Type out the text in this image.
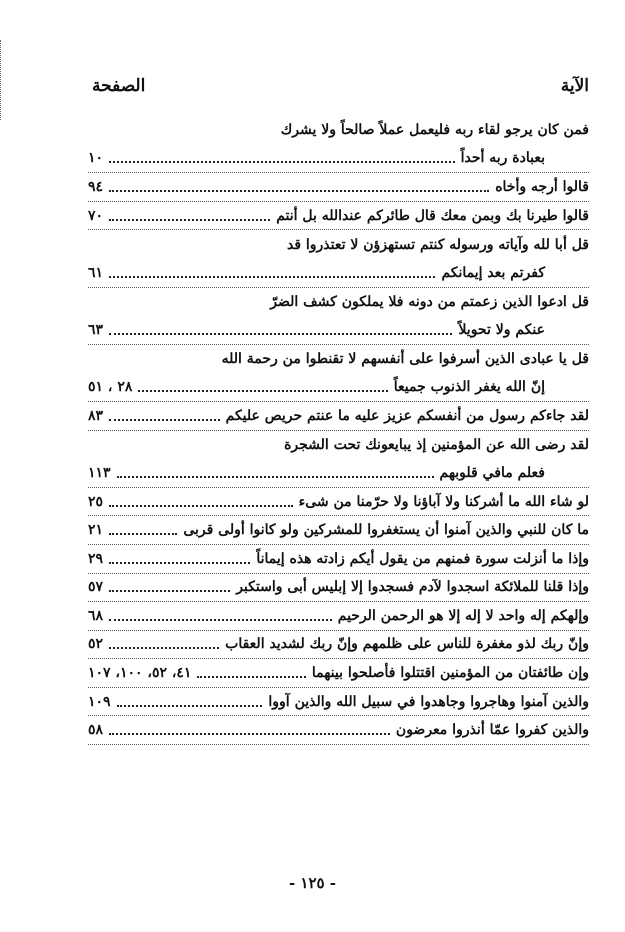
الآية
الصفحة
فمن كان يرجو لقاء ربه فليعمل عملاً صالحاً ولا يشرك
بعبادة ربه أحداً
١٠
قالوا أرجه وأخاه
٩٤
قالوا طيرنا بك وبمن معك قال طائركم عندالله بل أنتم
٧٠
قل أبا لله وآياته ورسوله كنتم تستهزؤن لا تعتذروا قد
كفرتم بعد إيمانكم
٦١
قل ادعوا الذين زعمتم من دونه فلا يملكون كشف الضرّ
عنكم ولا تحويلاً
٦٣
قل يا عبادى الذين أسرفوا على أنفسهم لا تقنطوا من رحمة الله
إنّ الله يغفر الذنوب جميعاً
٢٨ ، ٥١
لقد جاءكم رسول من أنفسكم عزيز عليه ما عنتم حريص عليكم
٨٣
لقد رضى الله عن المؤمنين إذ يبايعونك تحت الشجرة
فعلم مافي قلوبهم
١١٣
لو شاء الله ما أشركنا ولا آباؤنا ولا حرّمنا من شىء
٢٥
ما كان للنبي والذين آمنوا أن يستغفروا للمشركين ولو كانوا أولى قربى
٢١
وإذا ما أنزلت سورة فمنهم من يقول أيكم زادته هذه إيماناً
٢٩
وإذا قلنا للملائكة اسجدوا لآدم فسجدوا إلا إبليس أبى واستكبر
٥٧
وإلهكم إله واحد لا إله إلا هو الرحمن الرحيم
٦٨
وإنّ ربك لذو مغفرة للناس على ظلمهم وإنّ ربك لشديد العقاب
٥٢
وإن طائفتان من المؤمنين اقتتلوا فأصلحوا بينهما
٤١، ٥٢، ١٠٠، ١٠٧
والذين آمنوا وهاجروا وجاهدوا في سبيل الله والذين آووا
١٠٩
والذين كفروا عمّا أنذروا معرضون
٥٨
- ١٢٥ -
